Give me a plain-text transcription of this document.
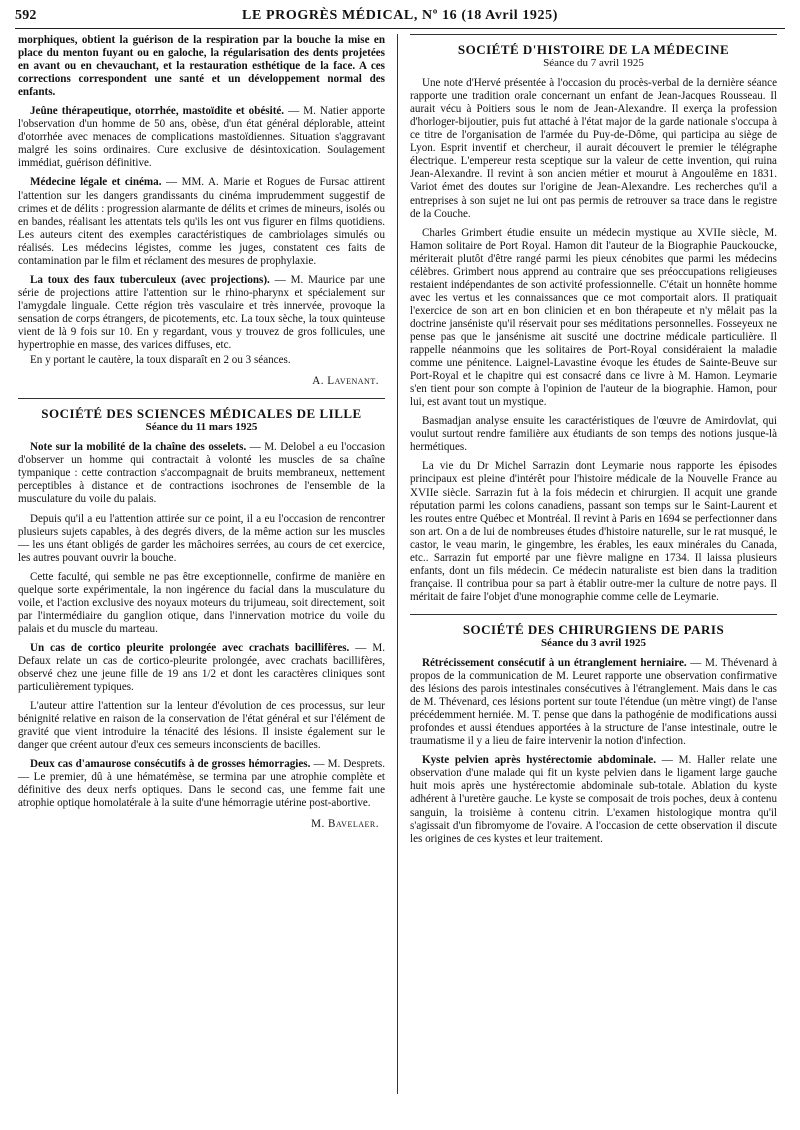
592	LE PROGRÈS MÉDICAL, Nº 16 (18 Avril 1925)

morphiques, obtient la guérison de la respiration par la bouche la mise en place du menton fuyant ou en galoche, la régularisation des dents projetées en avant ou en chevauchant, et la restauration esthétique de la face. A ces corrections correspondent une santé et un développement normal des enfants.

Jeûne thérapeutique, otorrhée, mastoïdite et obésité. — M. Natier apporte l'observation d'un homme de 50 ans, obèse, d'un état général déplorable, atteint d'otorrhée avec menaces de complications mastoïdiennes. Situation s'aggravant malgré les soins ordinaires. Cure exclusive de désintoxication. Soulagement immédiat, guérison définitive.

Médecine légale et cinéma. — MM. A. Marie et Rogues de Fursac attirent l'attention sur les dangers grandissants du cinéma imprudemment suggestif de crimes et de délits : progression alarmante de délits et crimes de mineurs, isolés ou en bandes, réalisant les attentats tels qu'ils les ont vus figurer en films quotidiens. Les auteurs citent des exemples caractéristiques de cambriolages simulés ou réalisés. Les médecins légistes, comme les juges, constatent ces faits de contamination par le film et réclament des mesures de prophylaxie.

La toux des faux tuberculeux (avec projections). — M. Maurice par une série de projections attire l'attention sur le rhino-pharynx et spécialement sur l'amygdale linguale. Cette région très vasculaire et très innervée, provoque la sensation de corps étrangers, de picotements, etc. La toux sèche, la toux quinteuse vient de là 9 fois sur 10. En y regardant, vous y trouvez de gros follicules, une hypertrophie en masse, des varices diffuses, etc.

En y portant le cautère, la toux disparaît en 2 ou 3 séances.

A. Lavenant.
SOCIÉTÉ DES SCIENCES MÉDICALES DE LILLE
Séance du 11 mars 1925

Note sur la mobilité de la chaîne des osselets. — M. Delobel a eu l'occasion d'observer un homme qui contractait à volonté les muscles de sa chaîne tympanique : cette contraction s'accompagnait de bruits membraneux, nettement perceptibles à distance et de contractions isochrones de l'ensemble de la musculature du voile du palais.

Depuis qu'il a eu l'attention attirée sur ce point, il a eu l'occasion de rencontrer plusieurs sujets capables, à des degrés divers, de la même action sur les muscles — les uns étant obligés de garder les mâchoires serrées, au cours de cet exercice, les autres pouvant ouvrir la bouche.

Cette faculté, qui semble ne pas être exceptionnelle, confirme de manière en quelque sorte expérimentale, la non ingérence du facial dans la musculature du voile, et l'action exclusive des noyaux moteurs du trijumeau, soit directement, soit par l'intermédiaire du ganglion otique, dans l'innervation motrice du voile du palais et du muscle du marteau.

Un cas de cortico pleurite prolongée avec crachats bacillifères. — M. Defaux relate un cas de cortico-pleurite prolongée, avec crachats bacillifères, observé chez une jeune fille de 19 ans 1/2 et dont les caractères cliniques sont particulièrement typiques.

L'auteur attire l'attention sur la lenteur d'évolution de ces processus, sur leur bénignité relative en raison de la conservation de l'état général et sur l'élément de gravité que vient introduire la ténacité des lésions. Il insiste également sur le danger que créent autour d'eux ces semeurs inconscients de bacilles.

Deux cas d'amaurose consécutifs à de grosses hémorragies. — M. Desprets. — Le premier, dû à une hématémèse, se termina par une atrophie complète et définitive des deux nerfs optiques. Dans le second cas, une femme fait une atrophie optique homolatérale à la suite d'une hémorragie utérine post-abortive.

M. Bavelaer.
SOCIÉTÉ D'HISTOIRE DE LA MÉDECINE
Séance du 7 avril 1925

Une note d'Hervé présentée à l'occasion du procès-verbal de la dernière séance rapporte une tradition orale concernant un enfant de Jean-Jacques Rousseau. Il aurait vécu à Poitiers sous le nom de Jean-Alexandre. Il exerça la profession d'horloger-bijoutier, puis fut attaché à l'état major de la garde nationale s'occupa à ce titre de l'organisation de l'armée du Puy-de-Dôme, qui participa au siège de Lyon. Esprit inventif et chercheur, il aurait découvert le premier le télégraphe électrique. L'empereur resta sceptique sur la valeur de cette invention, qui ruina Jean-Alexandre. Il revint à son ancien métier et mourut à Angoulême en 1831. Variot émet des doutes sur l'origine de Jean-Alexandre. Les recherches qu'il a entreprises à son sujet ne lui ont pas permis de retrouver sa trace dans le registre de la Couche.

Charles Grimbert étudie ensuite un médecin mystique au XVIIe siècle, M. Hamon solitaire de Port Royal. Hamon dit l'auteur de la Biographie Pauckoucke, mériterait plutôt d'être rangé parmi les pieux cénobites que parmi les médecins célèbres. Grimbert nous apprend au contraire que ses préoccupations religieuses restaient indépendantes de son activité professionnelle. C'était un honnête homme avec les vertus et les connaissances que ce mot comportait alors. Il pratiquait l'exercice de son art en bon clinicien et en bon thérapeute et n'y mêlait pas la doctrine janséniste qu'il réservait pour ses méditations personnelles. Fosseyeux ne pense pas que le jansénisme ait suscité une doctrine médicale particulière. Il rappelle néanmoins que les solitaires de Port-Royal considéraient la maladie comme une pénitence. Laignel-Lavastine évoque les études de Sainte-Beuve sur Port-Royal et le chapitre qui est consacré dans ce livre à M. Hamon. Leymarie s'en tient pour son compte à l'opinion de l'auteur de la biographie. Hamon, pour lui, est avant tout un mystique.

Basmadjan analyse ensuite les caractéristiques de l'œuvre de Amirdovlat, qui voulut surtout rendre familière aux étudiants de son temps des notions jusque-là hermétiques.

La vie du Dr Michel Sarrazin dont Leymarie nous rapporte les épisodes principaux est pleine d'intérêt pour l'histoire médicale de la Nouvelle France au XVIIe siècle. Sarrazin fut à la fois médecin et chirurgien. Il acquit une grande réputation parmi les colons canadiens, passant son temps sur le Saint-Laurent et les routes entre Québec et Montréal. Il revint à Paris en 1694 se perfectionner dans son art. On a de lui de nombreuses études d'histoire naturelle, sur le rat musqué, le castor, le veau marin, le gingembre, les érables, les eaux minérales du Canada, etc.. Sarrazin fut emporté par une fièvre maligne en 1734. Il laissa plusieurs enfants, dont un fils médecin. Ce médecin naturaliste est bien dans la tradition française. Il contribua pour sa part à établir outre-mer la culture de notre pays. Il méritait de faire l'objet d'une monographie comme celle de Leymarie.

SOCIÉTÉ DES CHIRURGIENS DE PARIS
Séance du 3 avril 1925

Rétrécissement consécutif à un étranglement herniaire. — M. Thévenard à propos de la communication de M. Leuret rapporte une observation confirmative des lésions des parois intestinales consécutives à l'étranglement. Mais dans le cas de M. Thévenard, ces lésions portent sur toute l'étendue (un mètre vingt) de l'anse précédemment herniée. M. T. pense que dans la pathogénie de modifications aussi profondes et aussi étendues apportées à la structure de l'anse intestinale, outre le traumatisme il y a lieu de faire intervenir la notion d'infection.

Kyste pelvien après hystérectomie abdominale. — M. Haller relate une observation d'une malade qui fit un kyste pelvien dans le ligament large gauche huit mois après une hystérectomie abdominale sub-totale. Ablation du kyste adhérent à l'uretère gauche. Le kyste se composait de trois poches, deux à contenu sanguin, la troisième à contenu citrin. L'examen histologique montra qu'il s'agissait d'un fibromyome de l'ovaire. A l'occasion de cette observation il discute les origines de ces kystes et leur traitement.
